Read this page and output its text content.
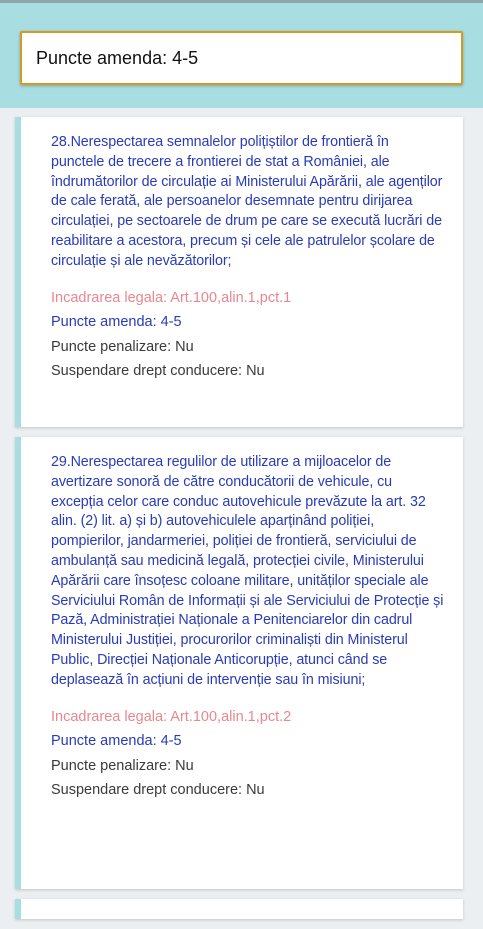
Puncte amenda: 4-5
28.Nerespectarea semnalelor polițiștilor de frontieră în punctele de trecere a frontierei de stat a României, ale îndrumătorilor de circulație ai Ministerului Apărării, ale agenților de cale ferată, ale persoanelor desemnate pentru dirijarea circulației, pe sectoarele de drum pe care se execută lucrări de reabilitare a acestora, precum și cele ale patrulelor școlare de circulație și ale nevăzătorilor;
Incadrarea legala: Art.100,alin.1,pct.1
Puncte amenda: 4-5
Puncte penalizare: Nu
Suspendare drept conducere: Nu
29.Nerespectarea regulilor de utilizare a mijloacelor de avertizare sonoră de către conducătorii de vehicule, cu excepția celor care conduc autovehicule prevăzute la art. 32 alin. (2) lit. a) și b) autovehiculele aparținând poliției, pompierilor, jandarmeriei, poliției de frontieră, serviciului de ambulanță sau medicină legală, protecției civile, Ministerului Apărării care însoțesc coloane militare, unităților speciale ale Serviciului Român de Informații și ale Serviciului de Protecție și Pază, Administrației Naționale a Penitenciarelor din cadrul Ministerului Justiției, procurorilor criminaliști din Ministerul Public, Direcției Naționale Anticorupție, atunci când se deplasează în acțiuni de intervenție sau în misiuni;
Incadrarea legala: Art.100,alin.1,pct.2
Puncte amenda: 4-5
Puncte penalizare: Nu
Suspendare drept conducere: Nu
